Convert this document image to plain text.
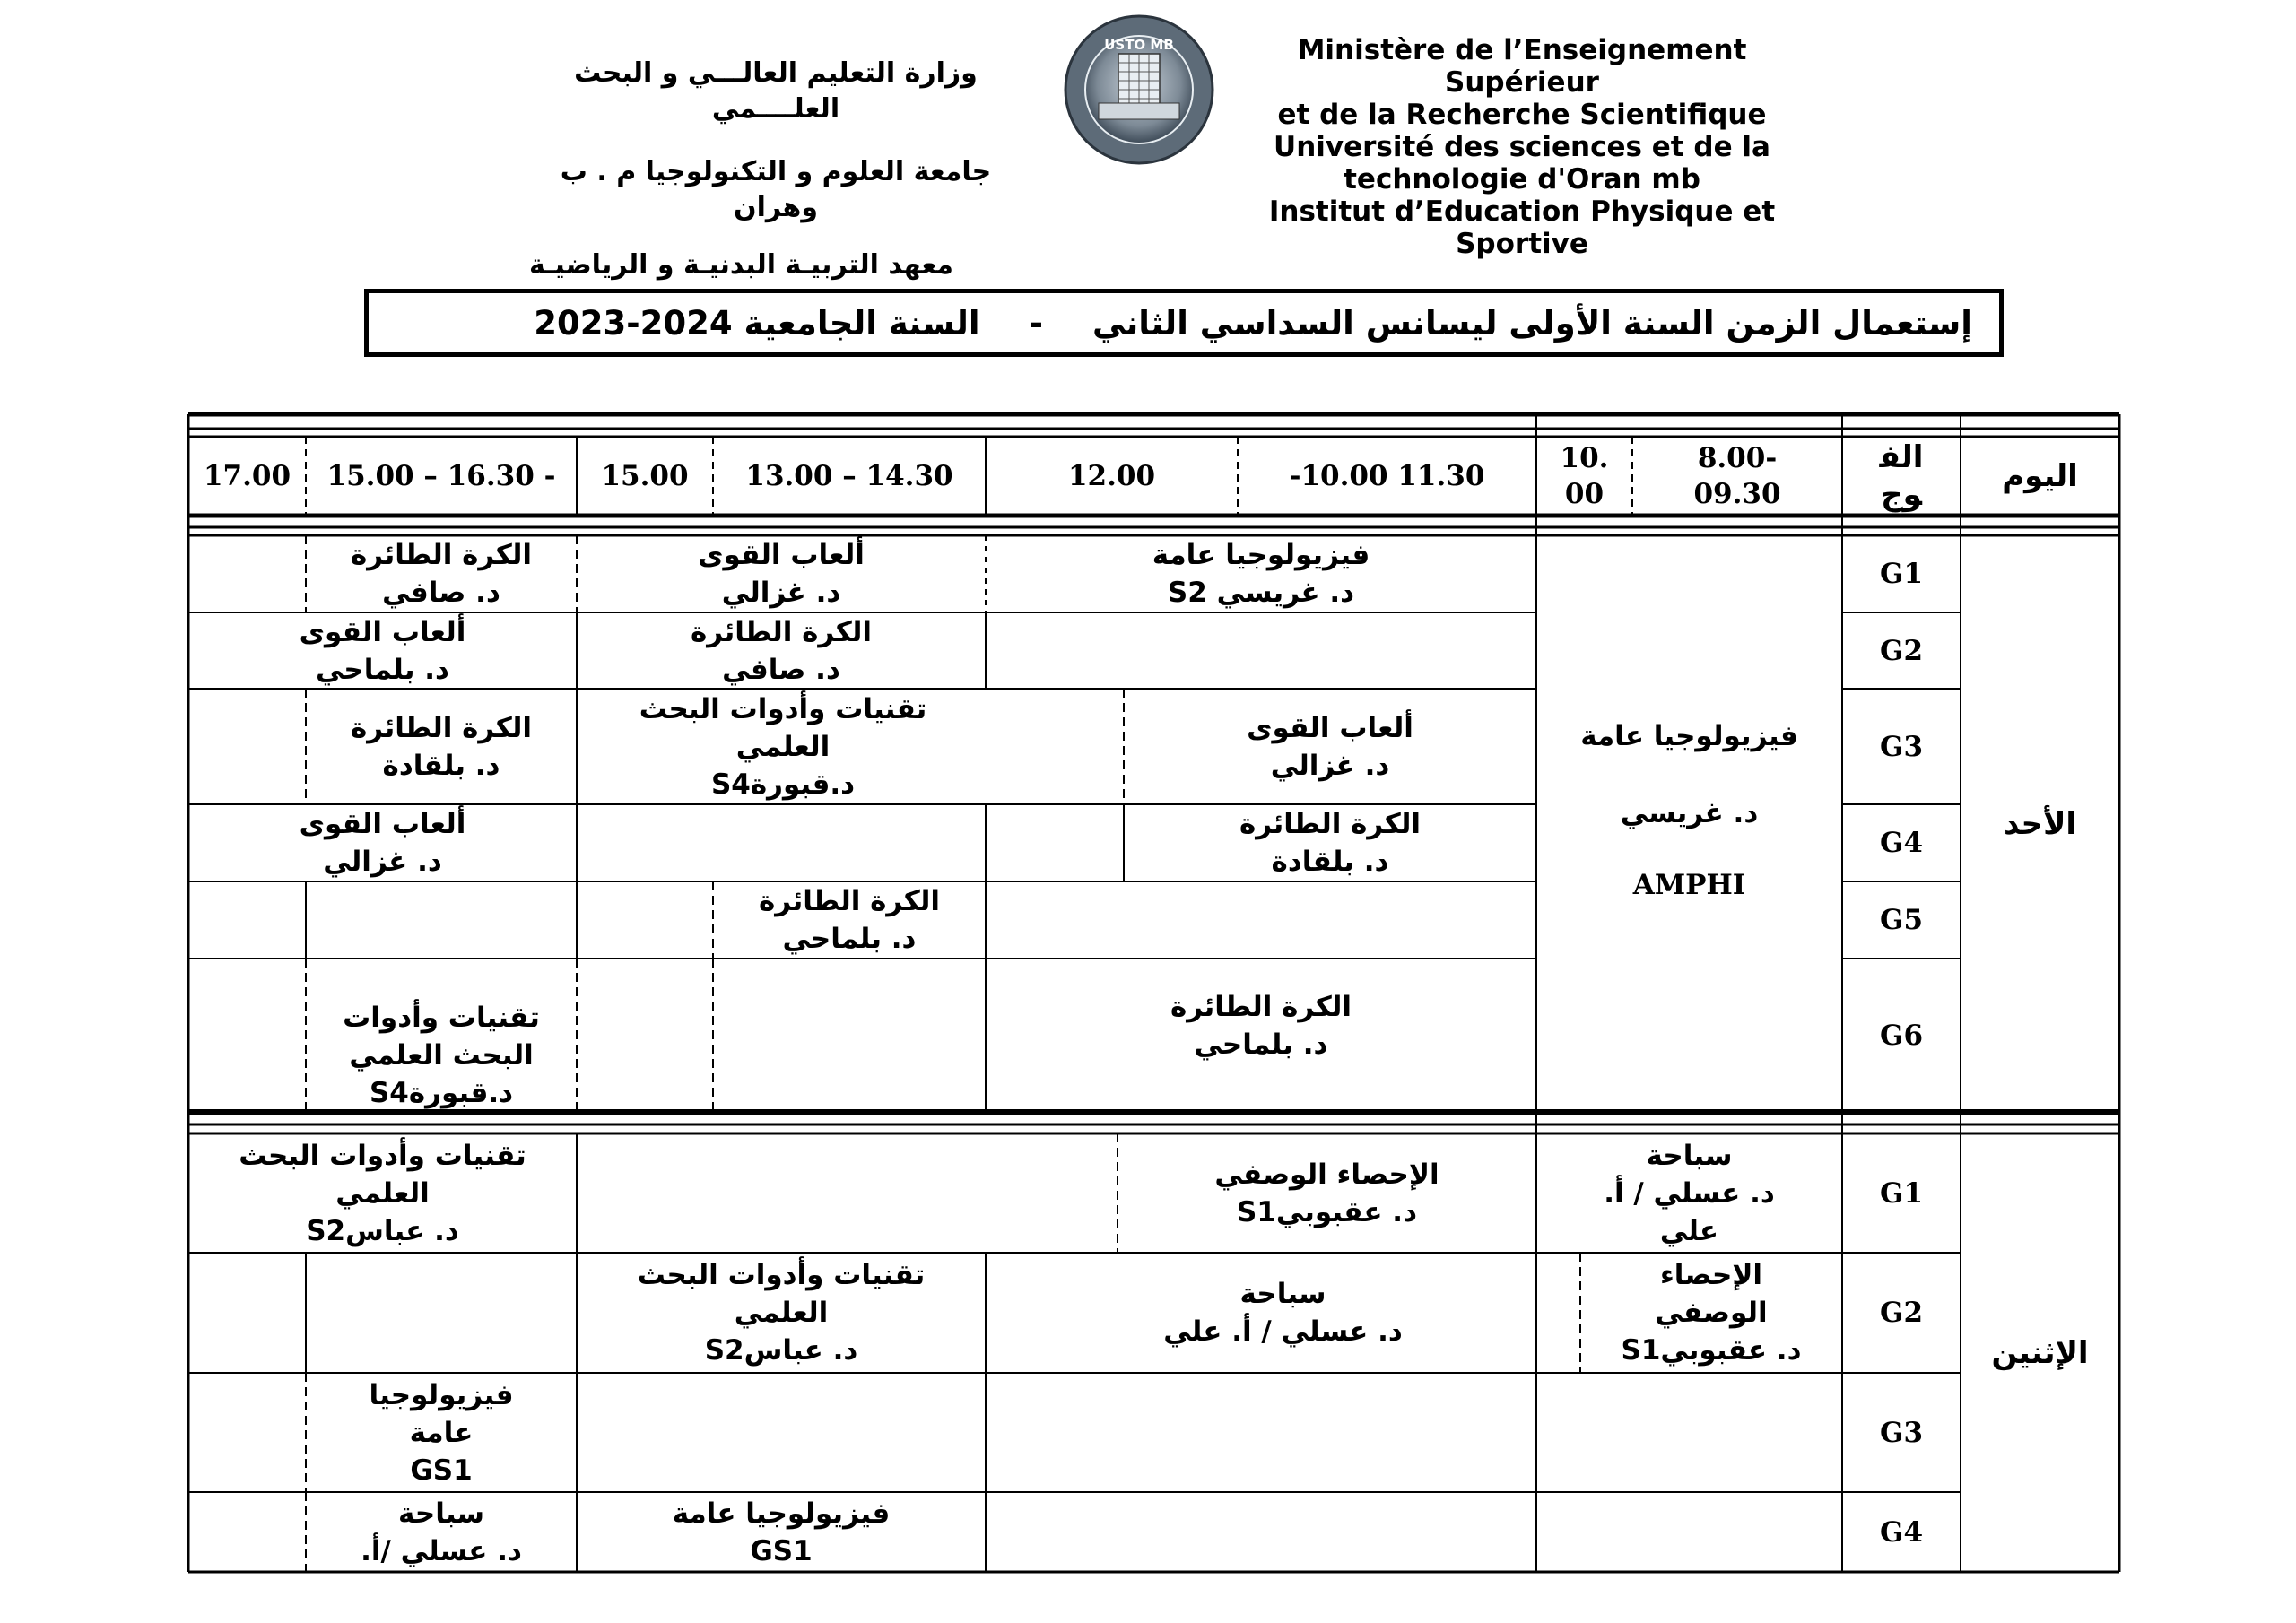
وزارة التعليم العالـــي و البحث العلــــمي
جامعة العلوم و التكنولوجيا م . ب وهران
معهد التربيـة البدنيـة و الرياضيـة
USTO MB	Ministère de l’Enseignement
Supérieur
et de la Recherche Scientifique
Université des sciences et de la
technologie d'Oran mb
Institut d’Education Physique et
Sportive
إستعمال الزمن السنة الأولى ليسانس السداسي الثاني
-
السنة الجامعية 2024-2023
اليوم
الفوج
-8.00
09.30
10.00
-10.00 11.30
12.00
13.00 – 14.30
15.00
15.00 – 16.30 -
17.00
الأحد
الإثنين
G1
G2
G3
G4
G5
G6
G1
G2
G3
G4
فيزيولوجيا عامة
د. غريسي
AMPHI
فيزيولوجيا عامة
د. غريسي S2
ألعاب القوى
د. غزالي
الكرة الطائرة
د. صافي
الكرة الطائرة
د. صافي
ألعاب القوى
د. بلماحي
ألعاب القوى
د. غزالي
تقنيات وأدوات البحث
العلمي
د.قبورةS4
الكرة الطائرة
د. بلقادة
الكرة الطائرة
د. بلقادة
ألعاب القوى
د. غزالي
الكرة الطائرة
د. بلماحي
الكرة الطائرة
د. بلماحي
تقنيات وأدوات
البحث العلمي
د.قبورةS4
سباحة
د. عسلي / أ.
علي
الإحصاء الوصفي
د. عقبوبيS1
تقنيات وأدوات البحث
العلمي
د. عباسS2
الإحصاء
الوصفي
د. عقبوبيS1
سباحة
د. عسلي / أ. علي
تقنيات وأدوات البحث
العلمي
د. عباسS2
فيزيولوجيا
عامة
GS1
فيزيولوجيا عامة
GS1
سباحة
د. عسلي /أ.
